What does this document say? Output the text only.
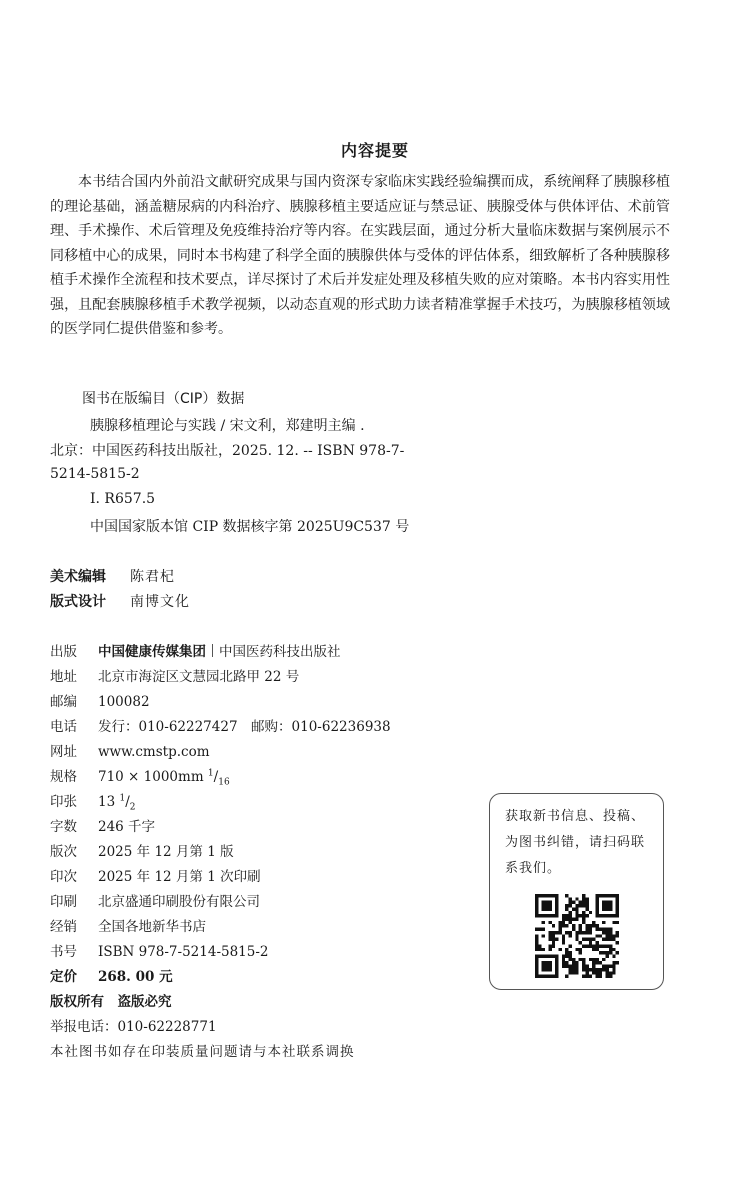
内容提要
本书结合国内外前沿文献研究成果与国内资深专家临床实践经验编撰而成，系统阐释了胰腺移植的理论基础，涵盖糖尿病的内科治疗、胰腺移植主要适应证与禁忌证、胰腺受体与供体评估、术前管理、手术操作、术后管理及免疫维持治疗等内容。在实践层面，通过分析大量临床数据与案例展示不同移植中心的成果，同时本书构建了科学全面的胰腺供体与受体的评估体系，细致解析了各种胰腺移植手术操作全流程和技术要点，详尽探讨了术后并发症处理及移植失败的应对策略。本书内容实用性强，且配套胰腺移植手术教学视频，以动态直观的形式助力读者精准掌握手术技巧，为胰腺移植领域的医学同仁提供借鉴和参考。
图书在版编目（CIP）数据
胰腺移植理论与实践 / 宋文利，郑建明主编 .
北京：中国医药科技出版社，2025. 12. -- ISBN 978-7-
5214-5815-2
Ⅰ. R657.5
中国国家版本馆 CIP 数据核字第 2025U9C537 号
美术编辑 陈君杞
版式设计 南博文化
出版 中国健康传媒集团 中国医药科技出版社
地址 北京市海淀区文慧园北路甲 22 号
邮编 100082
电话 发行：010-62227427　邮购：010-62236938
网址 www.cmstp.com
规格 710 × 1000mm $^1/_{16}$
印张 13 $^1/_2$
字数 246 千字
版次 2025 年 12 月第 1 版
印次 2025 年 12 月第 1 次印刷
印刷 北京盛通印刷股份有限公司
经销 全国各地新华书店
书号 ISBN 978-7-5214-5815-2
定价 268. 00 元
版权所有　盗版必究
举报电话：010-62228771
本社图书如存在印装质量问题请与本社联系调换
获取新书信息、投稿、为图书纠错，请扫码联系我们。
